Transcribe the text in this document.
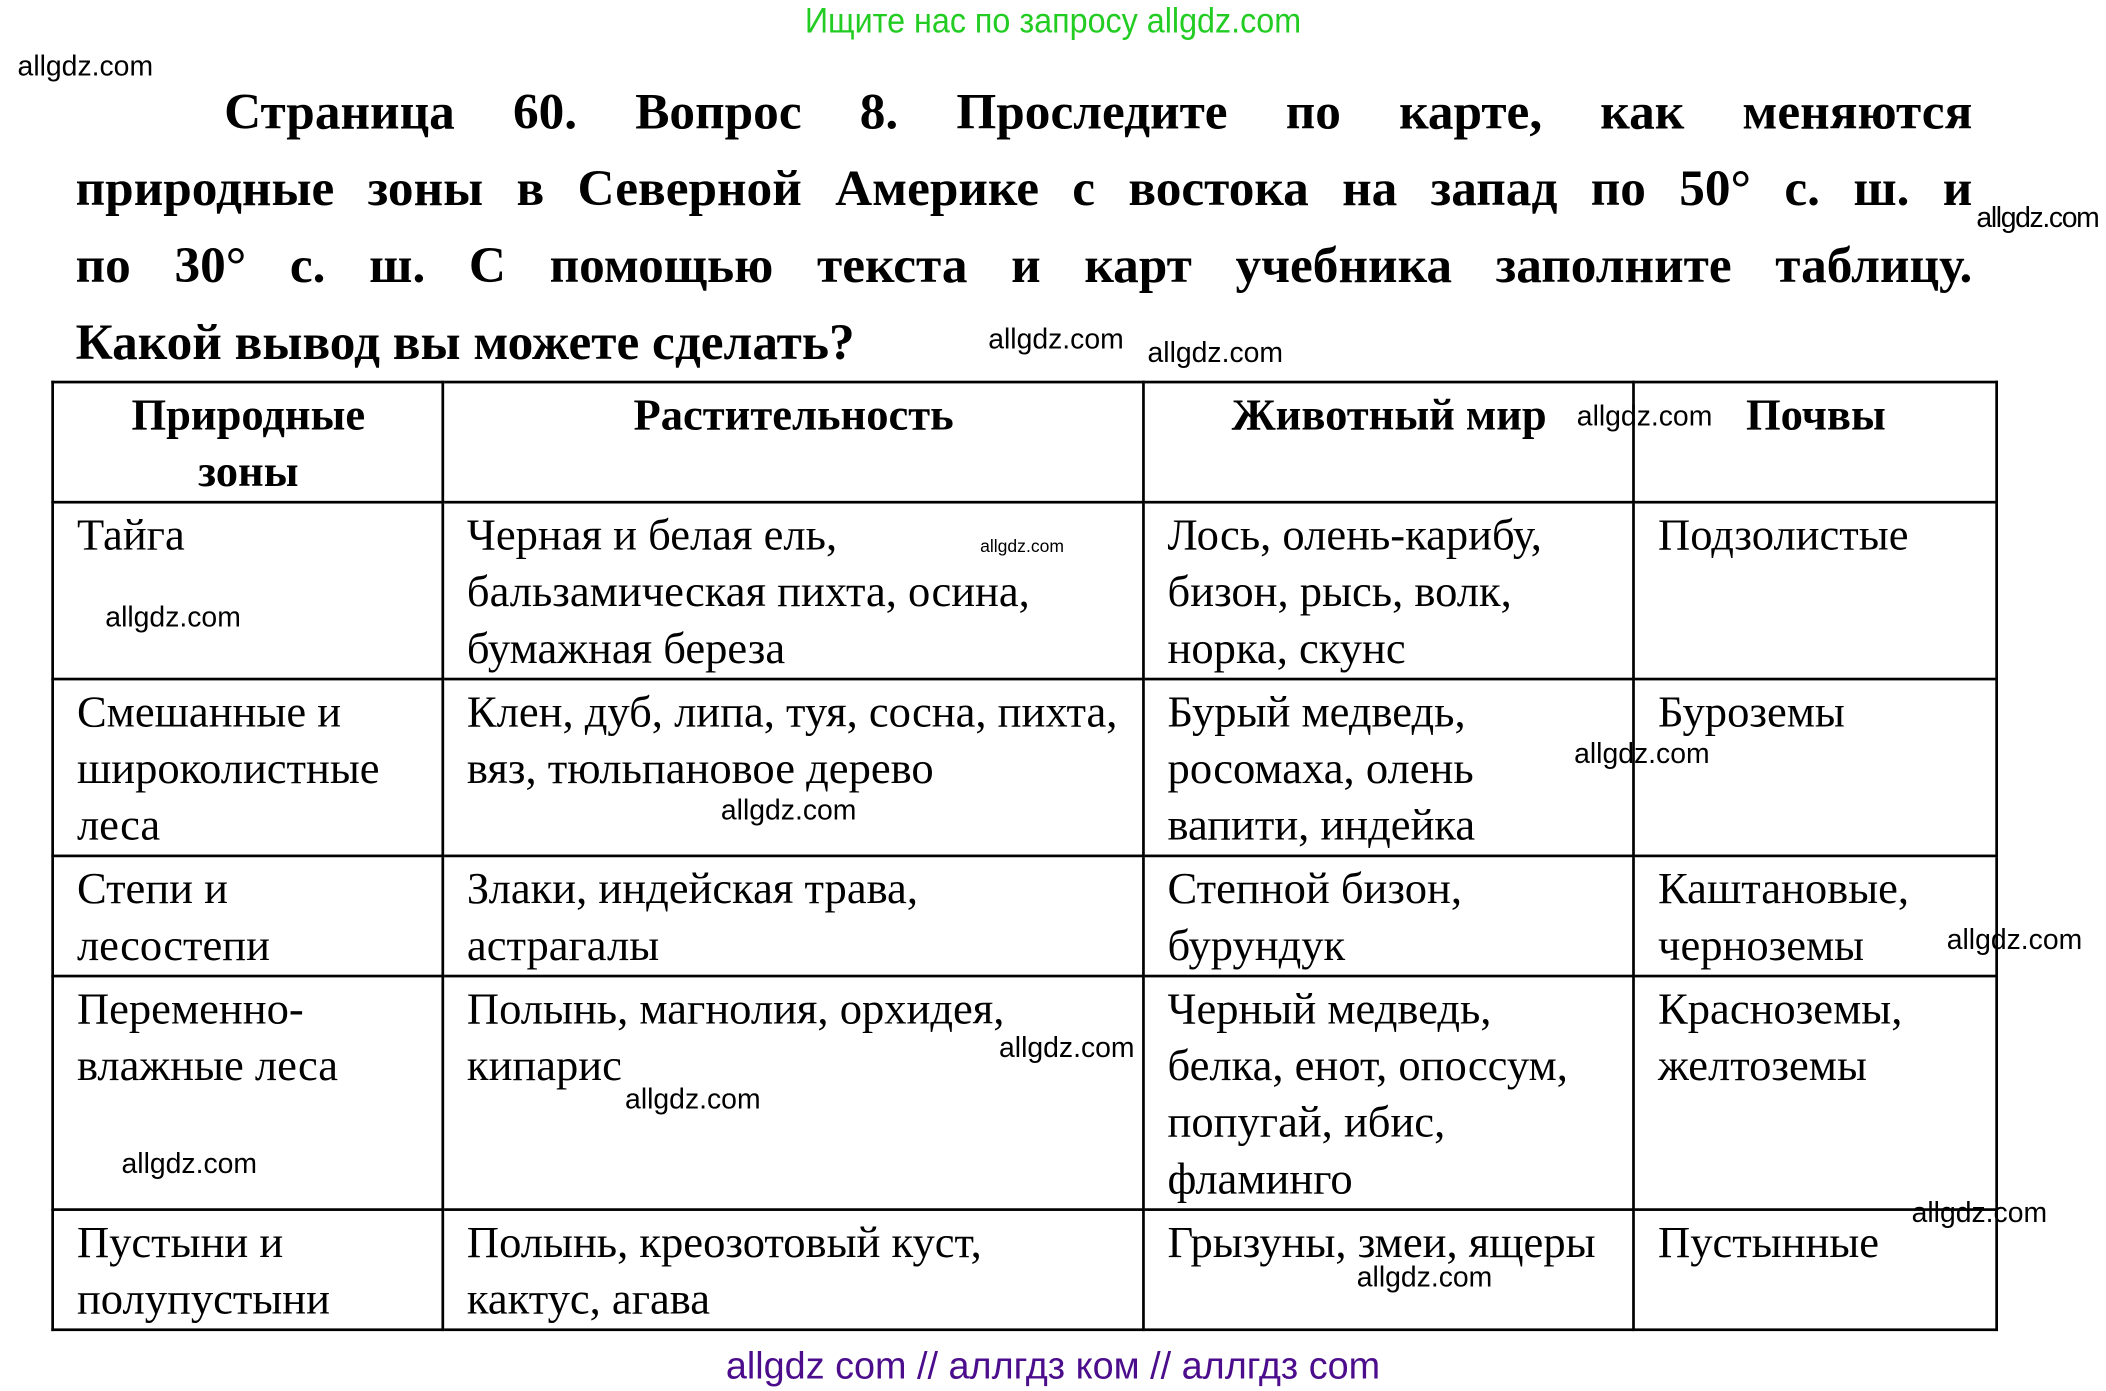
Ищите нас по запросу allgdz.com
Страница 60. Вопрос 8. Проследите по карте, как меняются
природные зоны в Северной Америке с востока на запад по 50° с. ш. и
по 30° с. ш. С помощью текста и карт учебника заполните таблицу.
Какой вывод вы можете сделать?
Природные зоны	Растительность	Животный мир	Почвы
Тайга	Черная и белая ель, бальзамическая пихта, осина, бумажная береза	Лось, олень-карибу, бизон, рысь, волк, норка, скунс	Подзолистые
Смешанные и широколистные леса	Клен, дуб, липа, туя, сосна, пихта, вяз, тюльпановое дерево	Бурый медведь, росомаха, олень вапити, индейка	Буроземы
Степи и лесостепи	Злаки, индейская трава, астрагалы	Степной бизон, бурундук	Каштановые, черноземы
Переменно-влажные леса	Полынь, магнолия, орхидея, кипарис	Черный медведь, белка, енот, опоссум, попугай, ибис, фламинго	Красноземы, желтоземы
Пустыни и полупустыни	Полынь, креозотовый куст, кактус, агава	Грызуны, змеи, ящеры	Пустынные
allgdz.com
allgdz.com
allgdz.com allgdz.com
allgdz.com
allgdz.com
allgdz.com
allgdz.com
allgdz.com
allgdz.com
allgdz.com
allgdz.com
allgdz.com
allgdz.com
allgdz.com
allgdz com // аллгдз ком // аллгдз com
